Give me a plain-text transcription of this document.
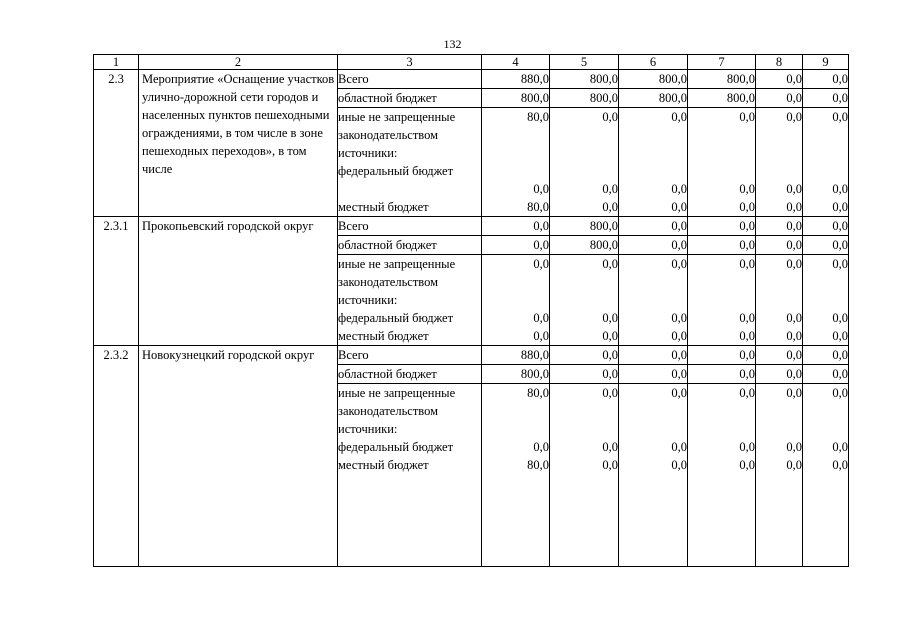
132
1	2	3	4	5	6	7	8	9
2.3	Мероприятие «Оснащение участков улично-дорожной сети городов и населенных пунктов пешеходными ограждениями, в том числе в зоне пешеходных переходов», в том числе	Всего	880,0	800,0	800,0	800,0	0,0	0,0

		областной бюджет	800,0	800,0	800,0	800,0	0,0	0,0

		иные не запрещенные законодательством источники:	80,0	0,0	0,0	0,0	0,0	0,0

		федеральный бюджет	0,0	0,0	0,0	0,0	0,0	0,0

		местный бюджет	80,0	0,0	0,0	0,0	0,0	0,0
2.3.1	Прокопьевский городской округ	Всего	0,0	800,0	0,0	0,0	0,0	0,0

		областной бюджет	0,0	800,0	0,0	0,0	0,0	0,0

		иные не запрещенные законодательством источники:	0,0	0,0	0,0	0,0	0,0	0,0

		федеральный бюджет	0,0	0,0	0,0	0,0	0,0	0,0

		местный бюджет	0,0	0,0	0,0	0,0	0,0	0,0
2.3.2	Новокузнецкий городской округ	Всего	880,0	0,0	0,0	0,0	0,0	0,0

		областной бюджет	800,0	0,0	0,0	0,0	0,0	0,0

		иные не запрещенные законодательством источники:	80,0	0,0	0,0	0,0	0,0	0,0

		федеральный бюджет	0,0	0,0	0,0	0,0	0,0	0,0

		местный бюджет	80,0	0,0	0,0	0,0	0,0	0,0
